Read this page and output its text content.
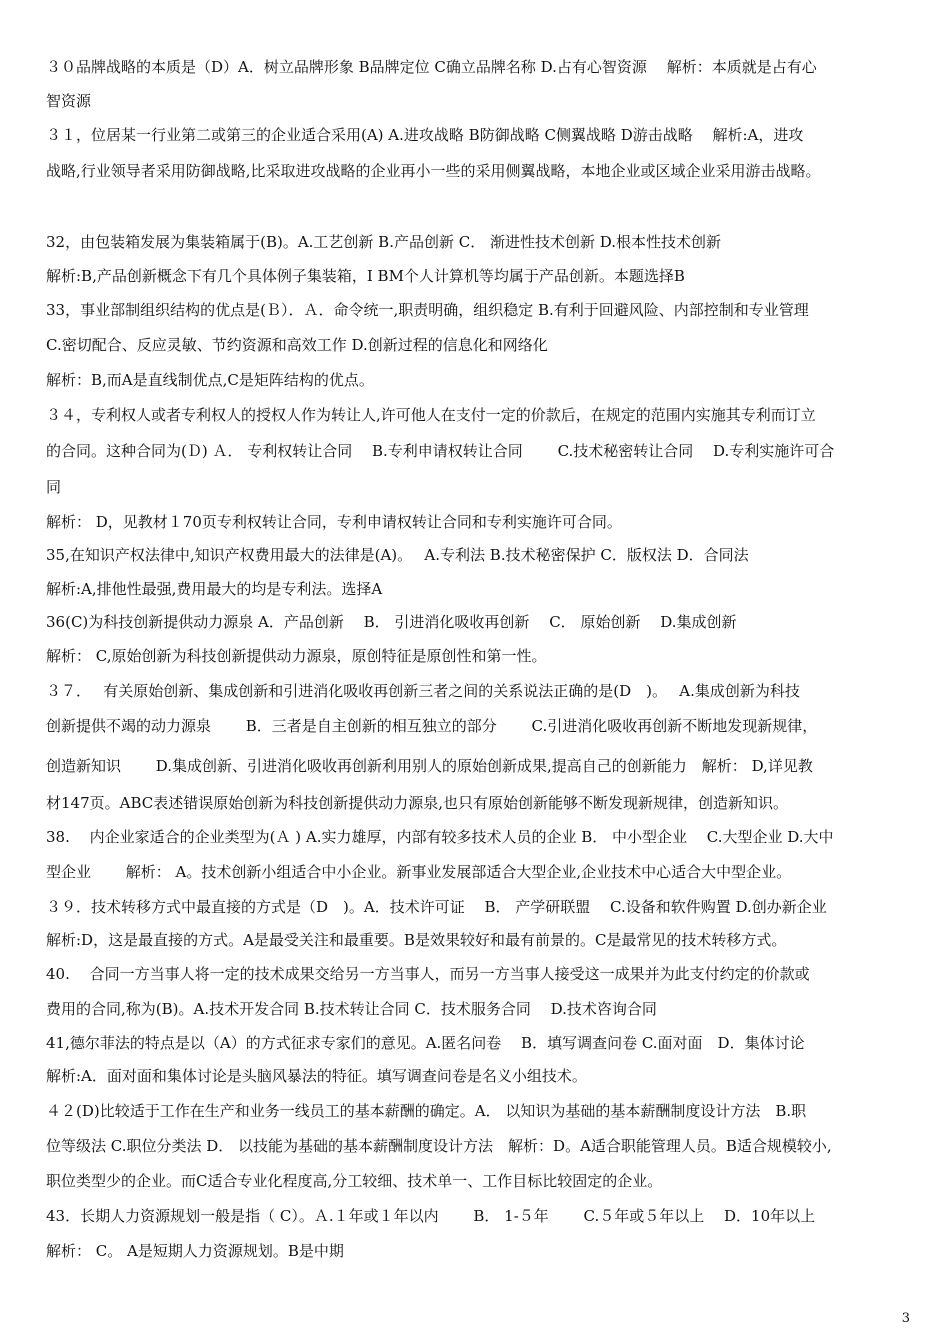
３０品牌战略的本质是（D）A．树立品牌形象 B品牌定位 C确立品牌名称 D.占有心智资源　 解析：本质就是占有心
智资源
３１，位居某一行业第二或第三的企业适合采用(A) A.进攻战略 B防御战略 C侧翼战略 D游击战略　 解析:A，进攻
战略,行业领导者采用防御战略,比采取进攻战略的企业再小一些的采用侧翼战略，本地企业或区域企业采用游击战略。
32，由包装箱发展为集装箱属于(B)。A.工艺创新 B.产品创新 C． 渐进性技术创新 D.根本性技术创新
解析:B,产品创新概念下有几个具体例子集装箱，I BM个人计算机等均属于产品创新。本题选择B
33，事业部制组织结构的优点是(Ｂ）．Ａ．命令统一,职责明确，组织稳定 B.有利于回避风险、内部控制和专业管理
C.密切配合、反应灵敏、节约资源和高效工作 D.创新过程的信息化和网络化
解析：B,而A是直线制优点,C是矩阵结构的优点。
３４，专利权人或者专利权人的授权人作为转让人,许可他人在支付一定的价款后，在规定的范围内实施其专利而订立
的合同。这种合同为(Ｄ) Ａ． 专利权转让合同　 B.专利申请权转让合同　　 C.技术秘密转让合同　 D.专利实施许可合
同
解析： D，见教材１70页专利权转让合同，专利申请权转让合同和专利实施许可合同。
35,在知识产权法律中,知识产权费用最大的法律是(A)。　 A.专利法 B.技术秘密保护 C．版权法 D．合同法
解析:A,排他性最强,费用最大的均是专利法。选择A
36(C)为科技创新提供动力源泉 A．产品创新　 B． 引进消化吸收再创新　 C． 原始创新　 D.集成创新
解析： C,原始创新为科技创新提供动力源泉，原创特征是原创性和第一性。
３７．　 有关原始创新、集成创新和引进消化吸收再创新三者之间的关系说法正确的是(D　)。　 A.集成创新为科技
创新提供不竭的动力源泉　　 B．三者是自主创新的相互独立的部分　　 C.引进消化吸收再创新不断地发现新规律，
创造新知识　　 D.集成创新、引进消化吸收再创新利用别人的原始创新成果,提高自己的创新能力　解析： D,详见教
材147页。ABC表述错误原始创新为科技创新提供动力源泉,也只有原始创新能够不断发现新规律，创造新知识。
38.　 内企业家适合的企业类型为(Ａ ) A.实力雄厚，内部有较多技术人员的企业 B． 中小型企业　 C.大型企业 D.大中
型企业　　 解析： A。技术创新小组适合中小企业。新事业发展部适合大型企业,企业技术中心适合大中型企业。
３９．技术转移方式中最直接的方式是（D　)。A．技术许可证　 B． 产学研联盟　 C.设备和软件购置 D.创办新企业
解析:D，这是最直接的方式。A是最受关注和最重要。B是效果较好和最有前景的。C是最常见的技术转移方式。
40.　 合同一方当事人将一定的技术成果交给另一方当事人，而另一方当事人接受这一成果并为此支付约定的价款或
费用的合同,称为(B)。A.技术开发合同 B.技术转让合同 C．技术服务合同　 D.技术咨询合同
41,德尔菲法的特点是以（A）的方式征求专家们的意见。A.匿名问卷　 B．填写调查问卷 C.面对面　D．集体讨论
解析:A．面对面和集体讨论是头脑风暴法的特征。填写调查问卷是名义小组技术。
４２(D)比较适于工作在生产和业务一线员工的基本薪酬的确定。A． 以知识为基础的基本薪酬制度设计方法　B.职
位等级法 C.职位分类法 D． 以技能为基础的基本薪酬制度设计方法　解析：D。A适合职能管理人员。B适合规模较小,
职位类型少的企业。而C适合专业化程度高,分工较细、技术单一、工作目标比较固定的企业。
43．长期人力资源规划一般是指（ C）。Ａ.１年或１年以内　　 B． 1-５年　　 C.５年或５年以上　 D．10年以上
解析： C。 A是短期人力资源规划。B是中期
3
